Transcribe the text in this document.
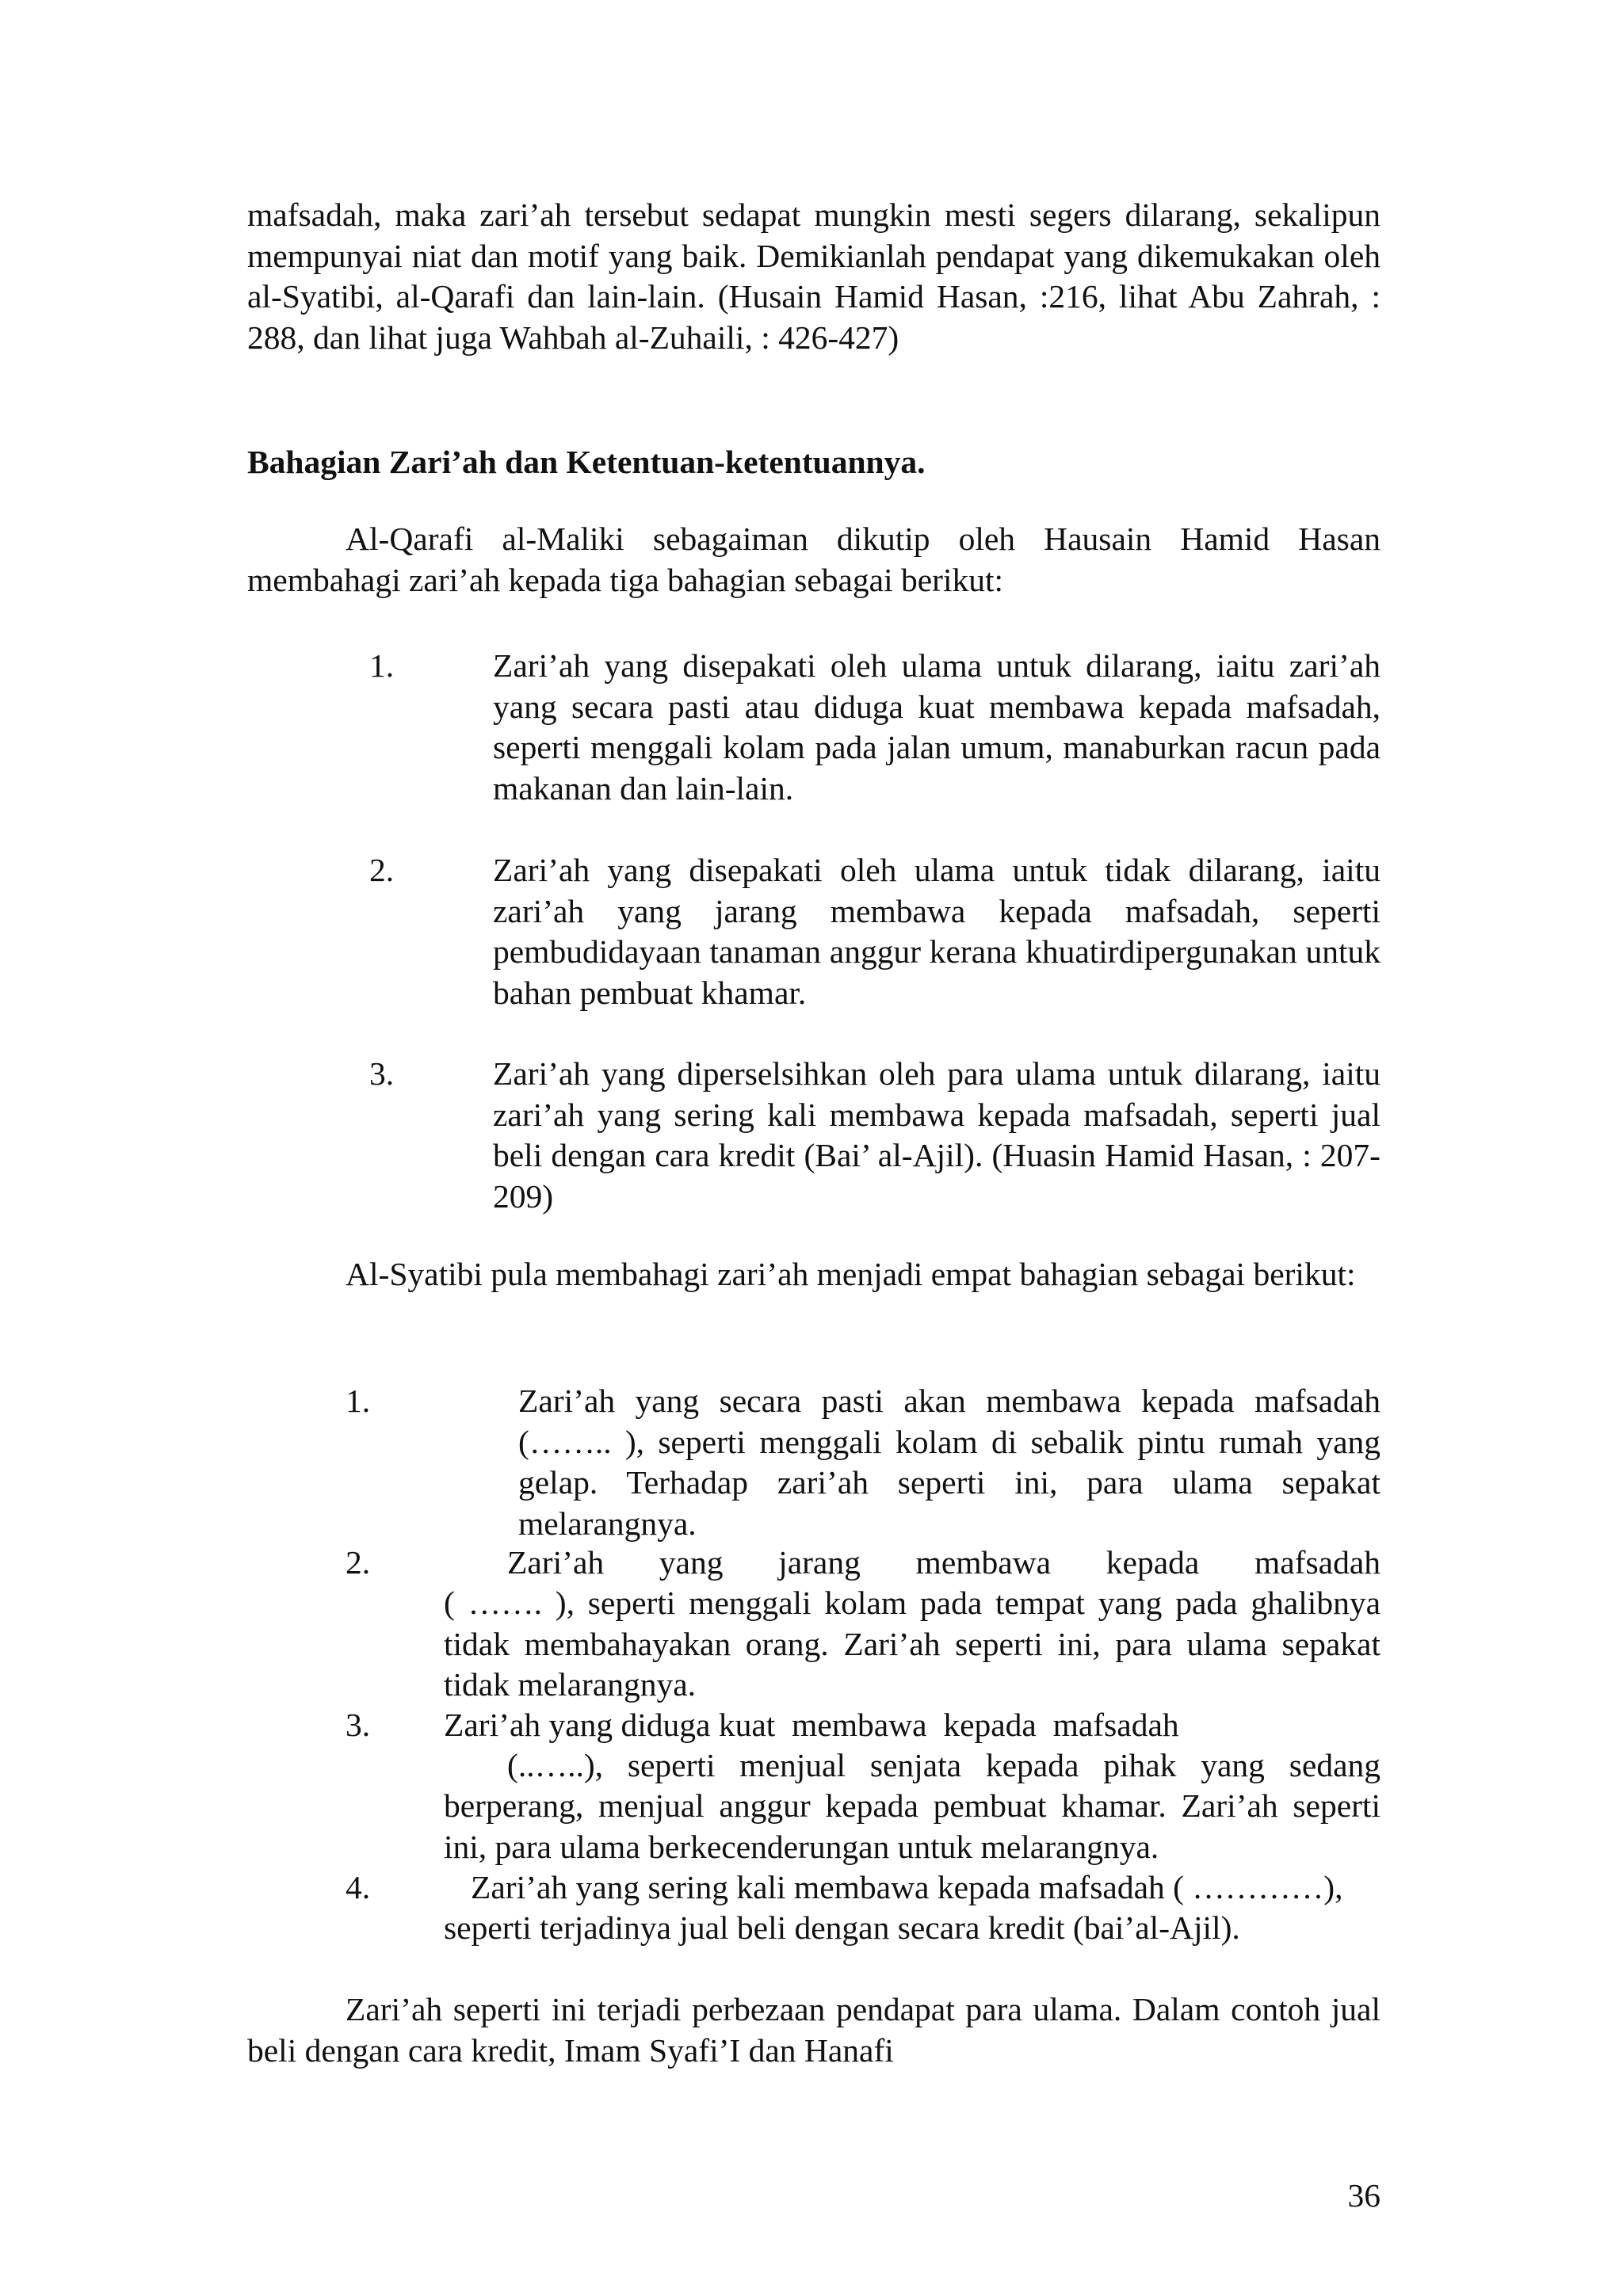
mafsadah, maka zari’ah tersebut sedapat mungkin mesti segers dilarang, sekalipun mempunyai niat dan motif yang baik. Demikianlah pendapat yang dikemukakan oleh al-Syatibi, al-Qarafi dan lain-lain. (Husain Hamid Hasan, :216, lihat Abu Zahrah, : 288, dan lihat juga Wahbah al-Zuhaili, : 426-427)

Bahagian Zari’ah dan Ketentuan-ketentuannya.

Al-Qarafi al-Maliki sebagaiman dikutip oleh Hausain Hamid Hasan membahagi zari’ah kepada tiga bahagian sebagai berikut:

1.	Zari’ah yang disepakati oleh ulama untuk dilarang, iaitu zari’ah yang secara pasti atau diduga kuat membawa kepada mafsadah, seperti menggali kolam pada jalan umum, manaburkan racun pada makanan dan lain-lain.

2.	Zari’ah yang disepakati oleh ulama untuk tidak dilarang, iaitu zari’ah yang jarang membawa kepada mafsadah, seperti pembudidayaan tanaman anggur kerana khuatirdipergunakan untuk bahan pembuat khamar.

3.	Zari’ah yang diperselsihkan oleh para ulama untuk dilarang, iaitu zari’ah yang sering kali membawa kepada mafsadah, seperti jual beli dengan cara kredit (Bai’ al-Ajil). (Huasin Hamid Hasan, : 207-209)

Al-Syatibi pula membahagi zari’ah menjadi empat bahagian sebagai berikut:

1.	Zari’ah yang secara pasti akan membawa kepada mafsadah (…….. ), seperti menggali kolam di sebalik pintu rumah yang gelap. Terhadap zari’ah seperti ini, para ulama sepakat melarangnya.

2.	Zari’ah yang jarang membawa kepada mafsadah

( ……. ), seperti menggali kolam pada tempat yang pada ghalibnya tidak membahayakan orang. Zari’ah seperti ini, para ulama sepakat tidak melarangnya.

3. Zari’ah yang diduga kuat  membawa  kepada  mafsadah

(..…..), seperti menjual senjata kepada pihak yang sedang

berperang, menjual anggur kepada pembuat khamar. Zari’ah seperti ini, para ulama berkecenderungan untuk melarangnya.

4.	Zari’ah yang sering kali membawa kepada mafsadah ( …………),

seperti terjadinya jual beli dengan secara kredit (bai’al-Ajil).

Zari’ah seperti ini terjadi perbezaan pendapat para ulama. Dalam contoh jual beli dengan cara kredit, Imam Syafi’I dan Hanafi

36
